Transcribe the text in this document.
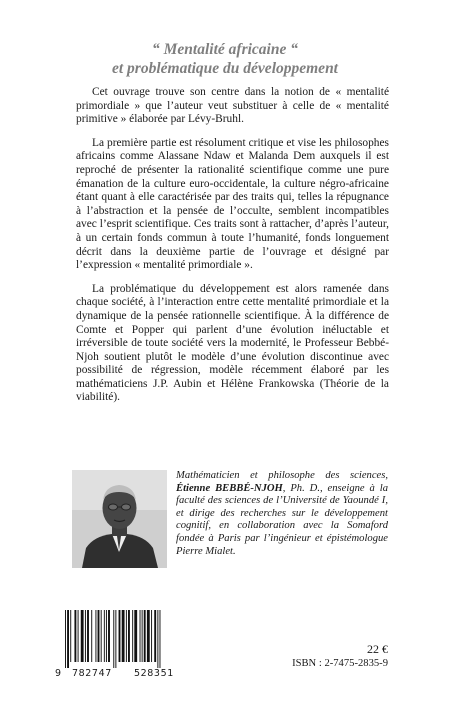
“ Mentalité africaine “
et problématique du développement

Cet ouvrage trouve son centre dans la notion de « mentalité primordiale » que l’auteur veut substituer à celle de « mentalité primitive » élaborée par Lévy-Bruhl.

La première partie est résolument critique et vise les philosophes africains comme Alassane Ndaw et Malanda Dem auxquels il est reproché de présenter la rationalité scientifique comme une pure émanation de la culture euro-occidentale, la culture négro-africaine étant quant à elle caractérisée par des traits qui, telles la répugnance à l’abstraction et la pensée de l’occulte, semblent incompatibles avec l’esprit scientifique. Ces traits sont à rattacher, d’après l’auteur, à un certain fonds commun à toute l’humanité, fonds longuement décrit dans la deuxième partie de l’ouvrage et désigné par l’expression « mentalité primordiale ».

La problématique du développement est alors ramenée dans chaque société, à l’interaction entre cette mentalité primordiale et la dynamique de la pensée rationnelle scientifique. À la différence de Comte et Popper qui parlent d’une évolution inéluctable et irréversible de toute société vers la modernité, le Professeur Bebbé-Njoh soutient plutôt le modèle d’une évolution discontinue avec possibilité de régression, modèle récemment élaboré par les mathématiciens J.P. Aubin et Hélène Frankowska (Théorie de la viabilité).

Mathématicien et philosophe des sciences, Étienne BEBBÉ-NJOH, Ph. D., enseigne à la faculté des sciences de l’Université de Yaoundé I, et dirige des recherches sur le développement cognitif, en collaboration avec la Somaford fondée à Paris par l’ingénieur et épistémologue Pierre Mialet.
9 782747 528351
22 €
ISBN : 2-7475-2835-9
